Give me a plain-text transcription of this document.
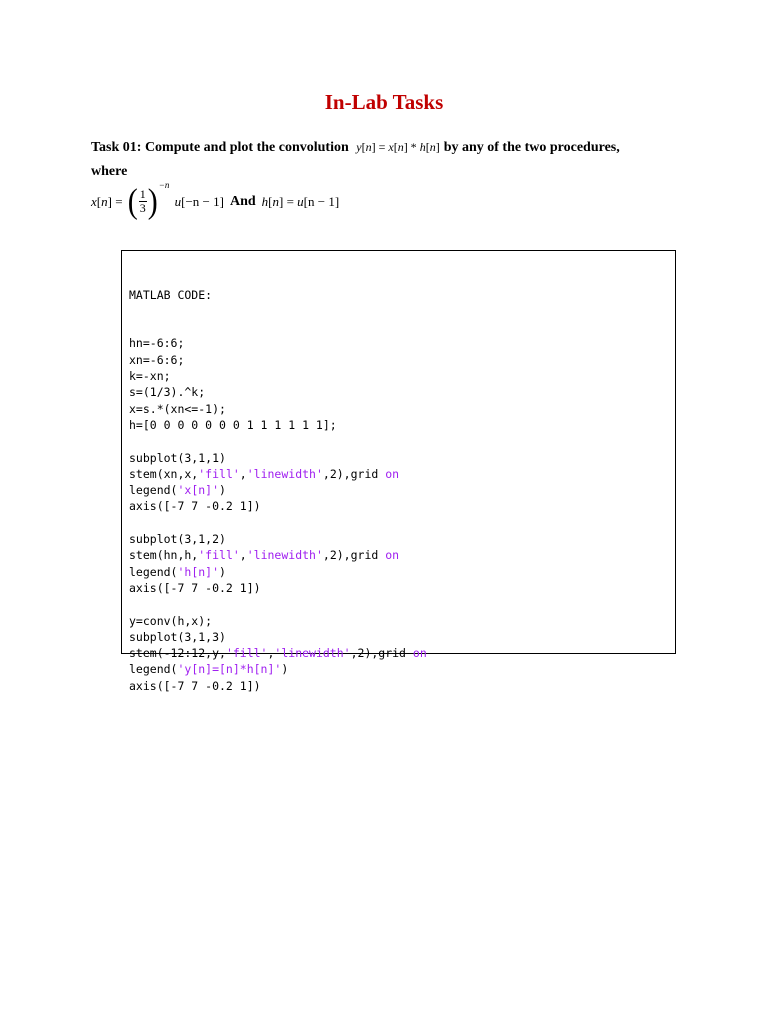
In-Lab Tasks
Task 01: Compute and plot the convolution y[n] = x[n] * h[n] by any of the two procedures,
where
x [ n ] = ( $\frac{1}{3}$ ) −n

u [−n − 1] And h [ n ] = u [n − 1]

MATLAB CODE:

hn=-6:6;
xn=-6:6;
k=-xn;
s=(1/3).^k;
x=s.*(xn<=-1);
h=[0 0 0 0 0 0 0 1 1 1 1 1 1];
subplot(3,1,1)
stem(xn,x,'fill','linewidth',2),grid on
legend('x[n]')
axis([-7 7 -0.2 1])
subplot(3,1,2)
stem(hn,h,'fill','linewidth',2),grid on
legend('h[n]')
axis([-7 7 -0.2 1])
y=conv(h,x);
subplot(3,1,3)
stem(-12:12,y,'fill','linewidth',2),grid on
legend('y[n]=[n]*h[n]')
axis([-7 7 -0.2 1])
